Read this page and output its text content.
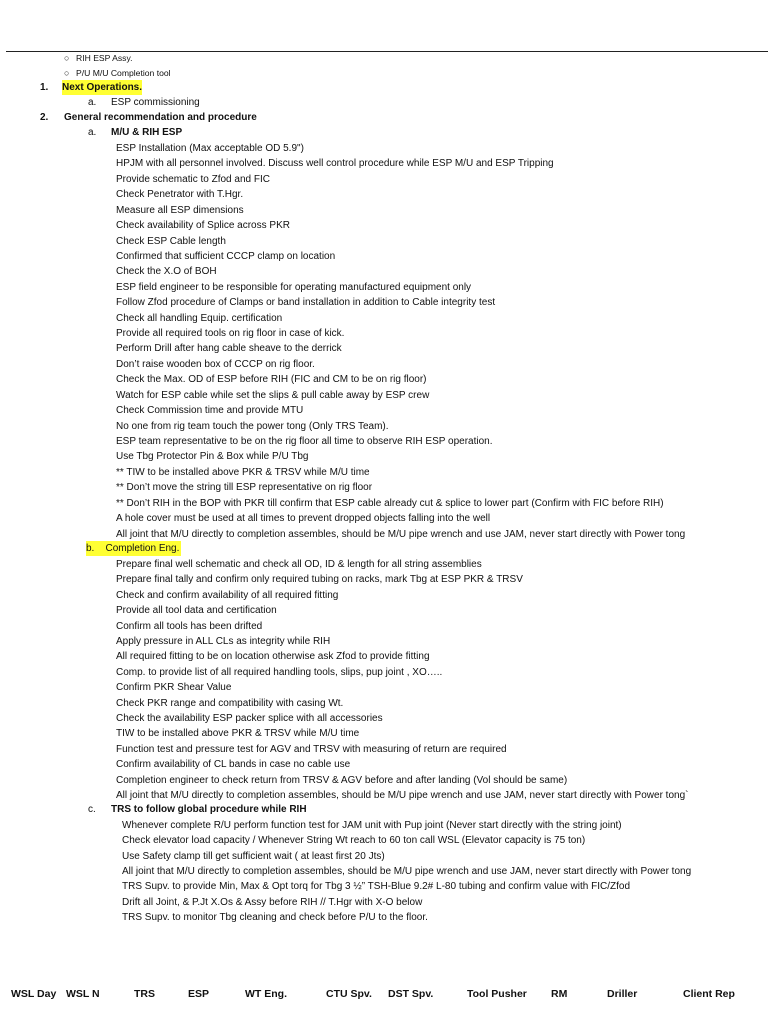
○ RIH ESP Assy.
○ P/U M/U Completion tool
1. Next Operations.
a. ESP commissioning
2. General recommendation and procedure
a. M/U & RIH ESP
ESP Installation (Max acceptable OD 5.9")
HPJM with all personnel involved. Discuss well control procedure while ESP M/U and ESP Tripping
Provide schematic to Zfod and FIC
Check Penetrator with T.Hgr.
Measure all ESP dimensions
Check availability of Splice across PKR
Check ESP Cable length
Confirmed that sufficient CCCP clamp on location
Check the X.O of BOH
ESP field engineer to be responsible for operating manufactured equipment only
Follow Zfod procedure of Clamps or band installation in addition to Cable integrity test
Check all handling Equip. certification
Provide all required tools on rig floor in case of kick.
Perform Drill after hang cable sheave to the derrick
Don’t raise wooden box of CCCP on rig floor.
Check the Max. OD of ESP before RIH (FIC and CM to be on rig floor)
Watch for ESP cable while set the slips & pull cable away by ESP crew
Check Commission time and provide MTU
No one from rig team touch the power tong (Only TRS Team).
ESP team representative to be on the rig floor all time to observe RIH ESP operation.
Use Tbg Protector Pin & Box while P/U Tbg
** TIW to be installed above PKR & TRSV while M/U time
** Don’t move the string till ESP representative on rig floor
** Don’t RIH in the BOP with PKR till confirm that ESP cable already cut & splice to lower part (Confirm with FIC before RIH)
A hole cover must be used at all times to prevent dropped objects falling into the well
All joint that M/U directly to completion assembles, should be M/U pipe wrench and use JAM, never start directly with Power tong
b. Completion Eng.
Prepare final well schematic and check all OD, ID & length for all string assemblies
Prepare final tally and confirm only required tubing on racks, mark Tbg at ESP PKR & TRSV
Check and confirm availability of all required fitting
Provide all tool data and certification
Confirm all tools has been drifted
Apply pressure in ALL CLs as integrity while RIH
All required fitting to be on location otherwise ask Zfod to provide fitting
Comp. to provide list of all required handling tools, slips, pup joint , XO…..
Confirm PKR Shear Value
Check PKR range and compatibility with casing Wt.
Check the availability ESP packer splice with all accessories
TIW to be installed above PKR & TRSV while M/U time
Function test and pressure test for AGV and TRSV with measuring of return are required
Confirm availability of CL bands in case no cable use
Completion engineer to check return from TRSV & AGV before and after landing (Vol should be same)
All joint that M/U directly to completion assembles, should be M/U pipe wrench and use JAM, never start directly with Power tong`
c. TRS to follow global procedure while RIH
Whenever complete R/U perform function test for JAM unit with Pup joint (Never start directly with the string joint)
Check elevator load capacity / Whenever String Wt reach to 60 ton call WSL (Elevator capacity is 75 ton)
Use Safety clamp till get sufficient wait ( at least first 20 Jts)
All joint that M/U directly to completion assembles, should be M/U pipe wrench and use JAM, never start directly with Power tong
TRS Supv. to provide Min, Max & Opt torq for Tbg 3 ½” TSH-Blue 9.2# L-80 tubing and confirm value with FIC/Zfod
Drift all Joint, & P.Jt X.Os & Assy before RIH // T.Hgr with X-O below
TRS Supv. to monitor Tbg cleaning and check before P/U to the floor.
WSL Day WSL N	TRS	ESP	WT Eng.	CTU Spv. DST Spv.	Tool Pusher RM	Driller	Client Rep
